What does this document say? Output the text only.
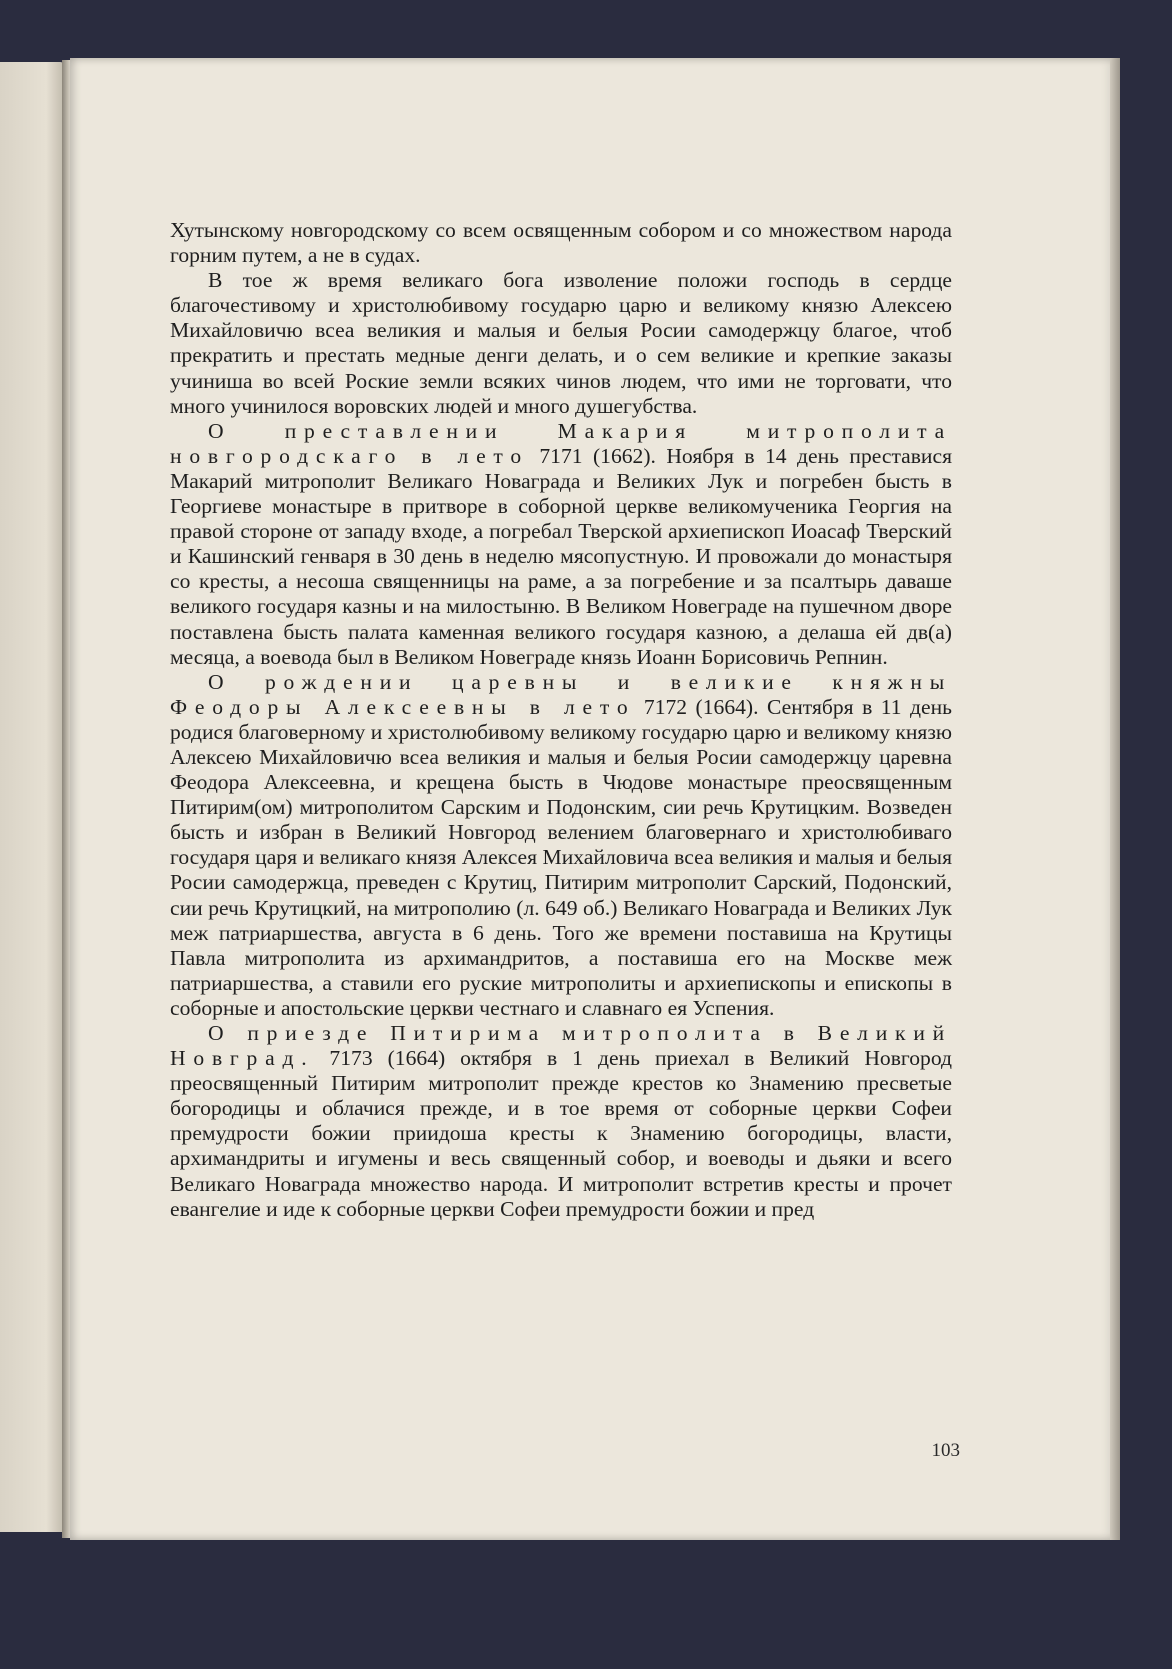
Хутынскому новгородскому со всем освященным собором и со множеством народа горним путем, а не в судах.

В тое ж время великаго бога изволение положи господь в сердце благочестивому и христолюбивому государю царю и великому князю Алексею Михайловичю всеа великия и малыя и белыя Росии самодержцу благое, чтоб прекратить и престать медные денги делать, и о сем великие и крепкие заказы учиниша во всей Роские земли всяких чинов людем, что ими не торговати, что много учинилося воровских людей и много душегубства.

О преставлении Макария митрополита новгородскаго в лето 7171 (1662). Ноября в 14 день преставися Макарий митрополит Великаго Новаграда и Великих Лук и погребен бысть в Георгиеве монастыре в притворе в соборной церкве великомученика Георгия на правой стороне от западу входе, а погребал Тверской архиепископ Иоасаф Тверский и Кашинский генваря в 30 день в неделю мясопустную. И провожали до монастыря со кресты, а несоша священницы на раме, а за погребение и за псалтырь даваше великого государя казны и на милостыню. В Великом Новеграде на пушечном дворе поставлена бысть палата каменная великого государя казною, а делаша ей дв(а) месяца, а воевода был в Великом Новеграде князь Иоанн Борисовичь Репнин.

О рождении царевны и великие княжны Феодоры Алексеевны в лето 7172 (1664). Сентября в 11 день родися благоверному и христолюбивому великому государю царю и великому князю Алексею Михайловичю всеа великия и малыя и белыя Росии самодержцу царевна Феодора Алексеевна, и крещена бысть в Чюдове монастыре преосвященным Питирим(ом) митрополитом Сарским и Подонским, сии речь Крутицким. Возведен бысть и избран в Великий Новгород велением благовернаго и христолюбиваго государя царя и великаго князя Алексея Михайловича всеа великия и малыя и белыя Росии самодержца, преведен с Крутиц, Питирим митрополит Сарский, Подонский, сии речь Крутицкий, на митрополию (л. 649 об.) Великаго Новаграда и Великих Лук меж патриаршества, августа в 6 день. Того же времени поставиша на Крутицы Павла митрополита из архимандритов, а поставиша его на Москве меж патриаршества, а ставили его руские митрополиты и архиепископы и епископы в соборные и апостольские церкви честнаго и славнаго ея Успения.

О приезде Питирима митрополита в Великий Новград. 7173 (1664) октября в 1 день приехал в Великий Новгород преосвященный Питирим митрополит прежде крестов ко Знамению пресветые богородицы и облачися прежде, и в тое время от соборные церкви Софеи премудрости божии приидоша кресты к Знамению богородицы, власти, архимандриты и игумены и весь священный собор, и воеводы и дьяки и всего Великаго Новаграда множество народа. И митрополит встретив кресты и прочет евангелие и иде к соборные церкви Софеи премудрости божии и пред

103
